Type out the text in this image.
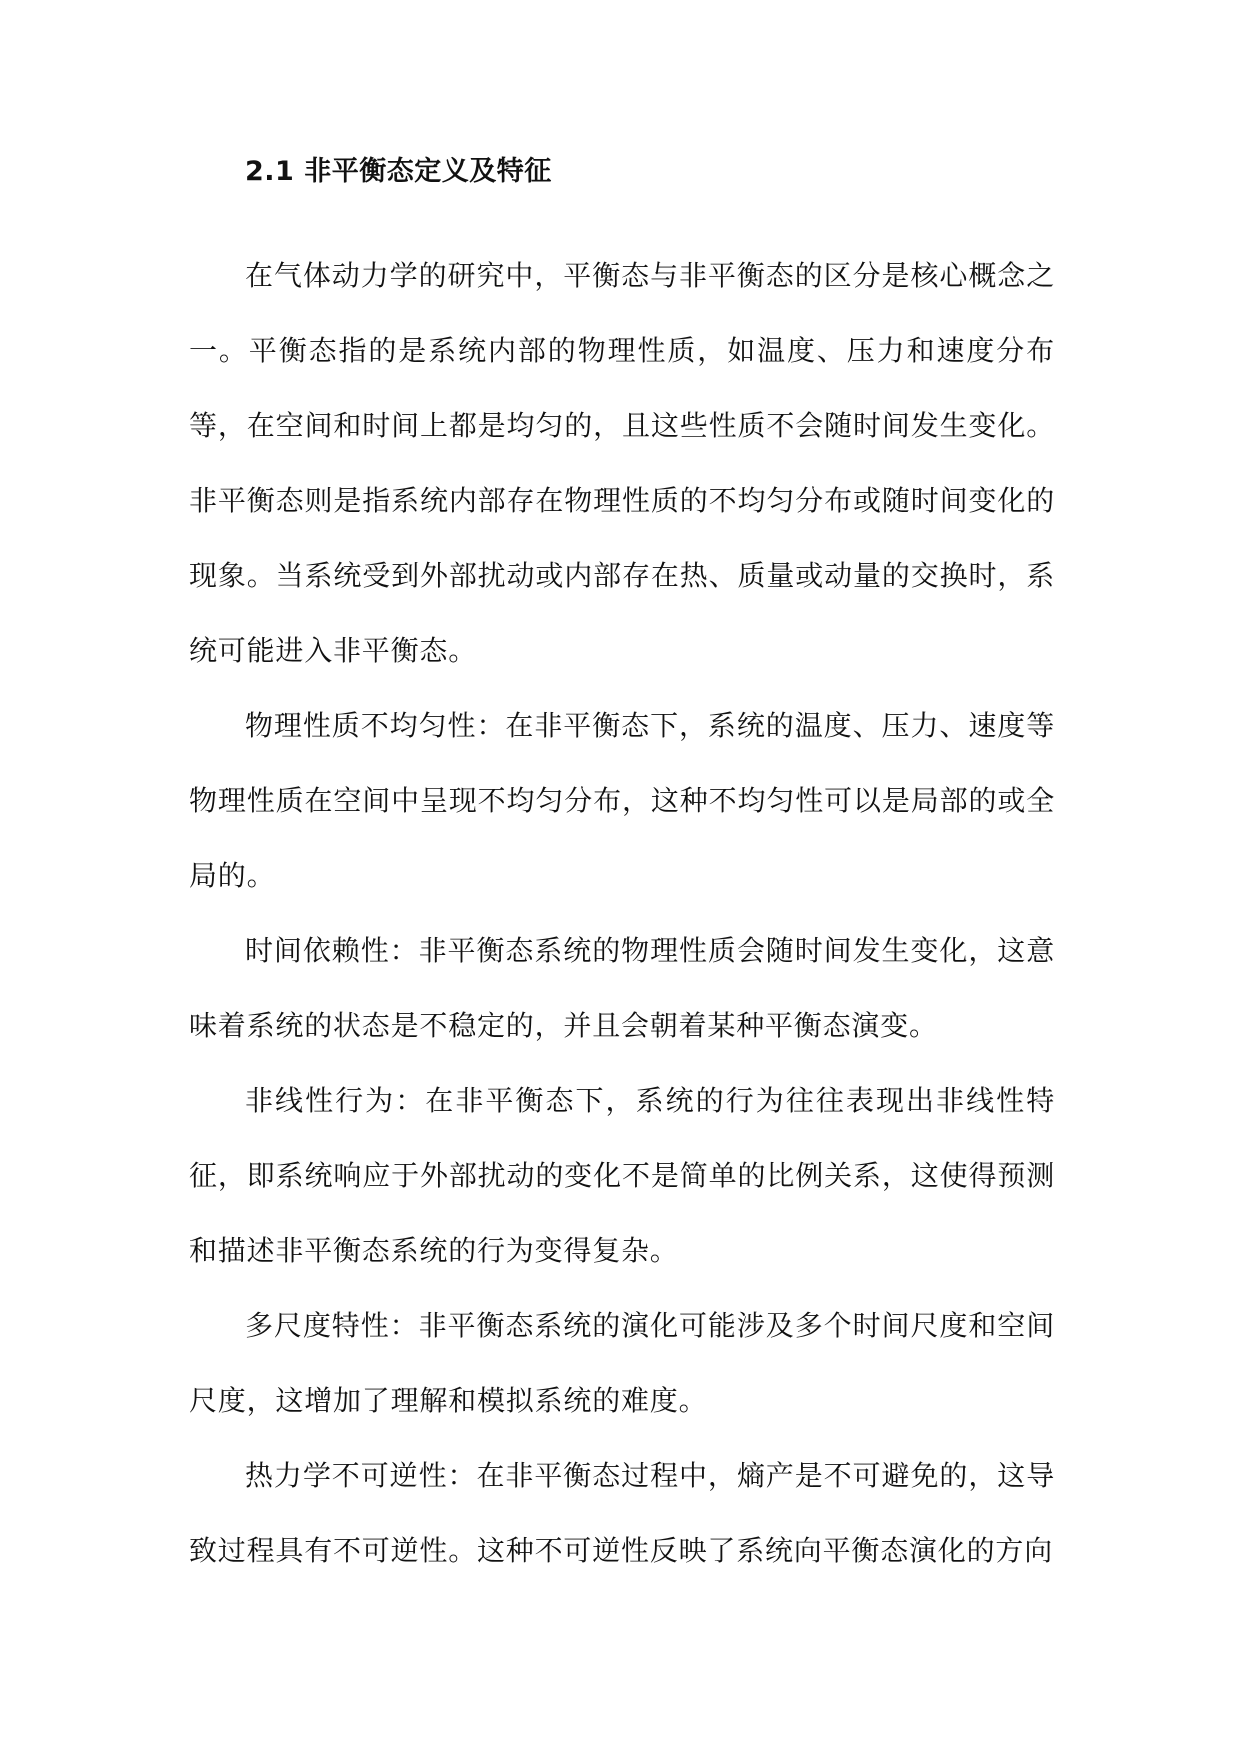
2.1 非平衡态定义及特征

在气体动力学的研究中，平衡态与非平衡态的区分是核心概念之一。平衡态指的是系统内部的物理性质，如温度、压力和速度分布等，在空间和时间上都是均匀的，且这些性质不会随时间发生变化。非平衡态则是指系统内部存在物理性质的不均匀分布或随时间变化的现象。当系统受到外部扰动或内部存在热、质量或动量的交换时，系统可能进入非平衡态。

物理性质不均匀性：在非平衡态下，系统的温度、压力、速度等物理性质在空间中呈现不均匀分布，这种不均匀性可以是局部的或全局的。

时间依赖性：非平衡态系统的物理性质会随时间发生变化，这意味着系统的状态是不稳定的，并且会朝着某种平衡态演变。

非线性行为：在非平衡态下，系统的行为往往表现出非线性特征，即系统响应于外部扰动的变化不是简单的比例关系，这使得预测和描述非平衡态系统的行为变得复杂。

多尺度特性：非平衡态系统的演化可能涉及多个时间尺度和空间尺度，这增加了理解和模拟系统的难度。

热力学不可逆性：在非平衡态过程中，熵产是不可避免的，这导致过程具有不可逆性。这种不可逆性反映了系统向平衡态演化的方向
